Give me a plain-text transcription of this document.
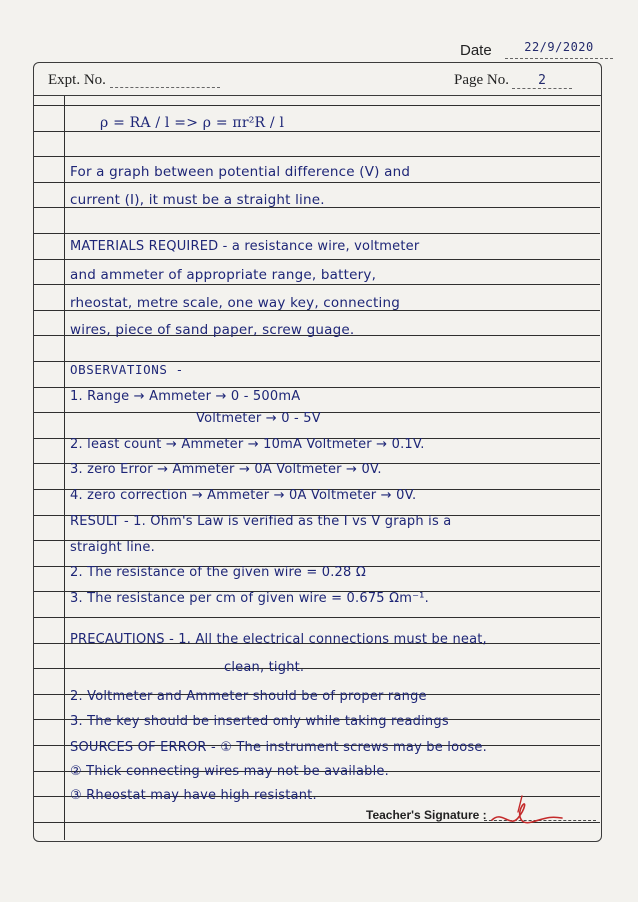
Date	22/9/2020
Expt. No.	Page No. 2
ρ = RA / l => ρ = πr²R / l
For a graph between potential difference (V) and
current (I), it must be a straight line.
MATERIALS REQUIRED - a resistance wire, voltmeter
and ammeter of appropriate range, battery,
rheostat, metre scale, one way key, connecting
wires, piece of sand paper, screw guage.
OBSERVATIONS -
1. Range → Ammeter → 0 - 500mA
Voltmeter → 0 - 5V
2. least count → Ammeter → 10mA Voltmeter → 0.1V.
3. zero Error → Ammeter → 0A Voltmeter → 0V.
4. zero correction → Ammeter → 0A Voltmeter → 0V.
RESULT - 1. Ohm's Law is verified as the I vs V graph is a
straight line.
2. The resistance of the given wire = 0.28 Ω
3. The resistance per cm of given wire = 0.675 Ωm⁻¹.
PRECAUTIONS - 1. All the electrical connections must be neat,
clean, tight.
2. Voltmeter and Ammeter should be of proper range
3. The key should be inserted only while taking readings
SOURCES OF ERROR - ① The instrument screws may be loose.
② Thick connecting wires may not be available.
③ Rheostat may have high resistant.
Teacher's Signature :
